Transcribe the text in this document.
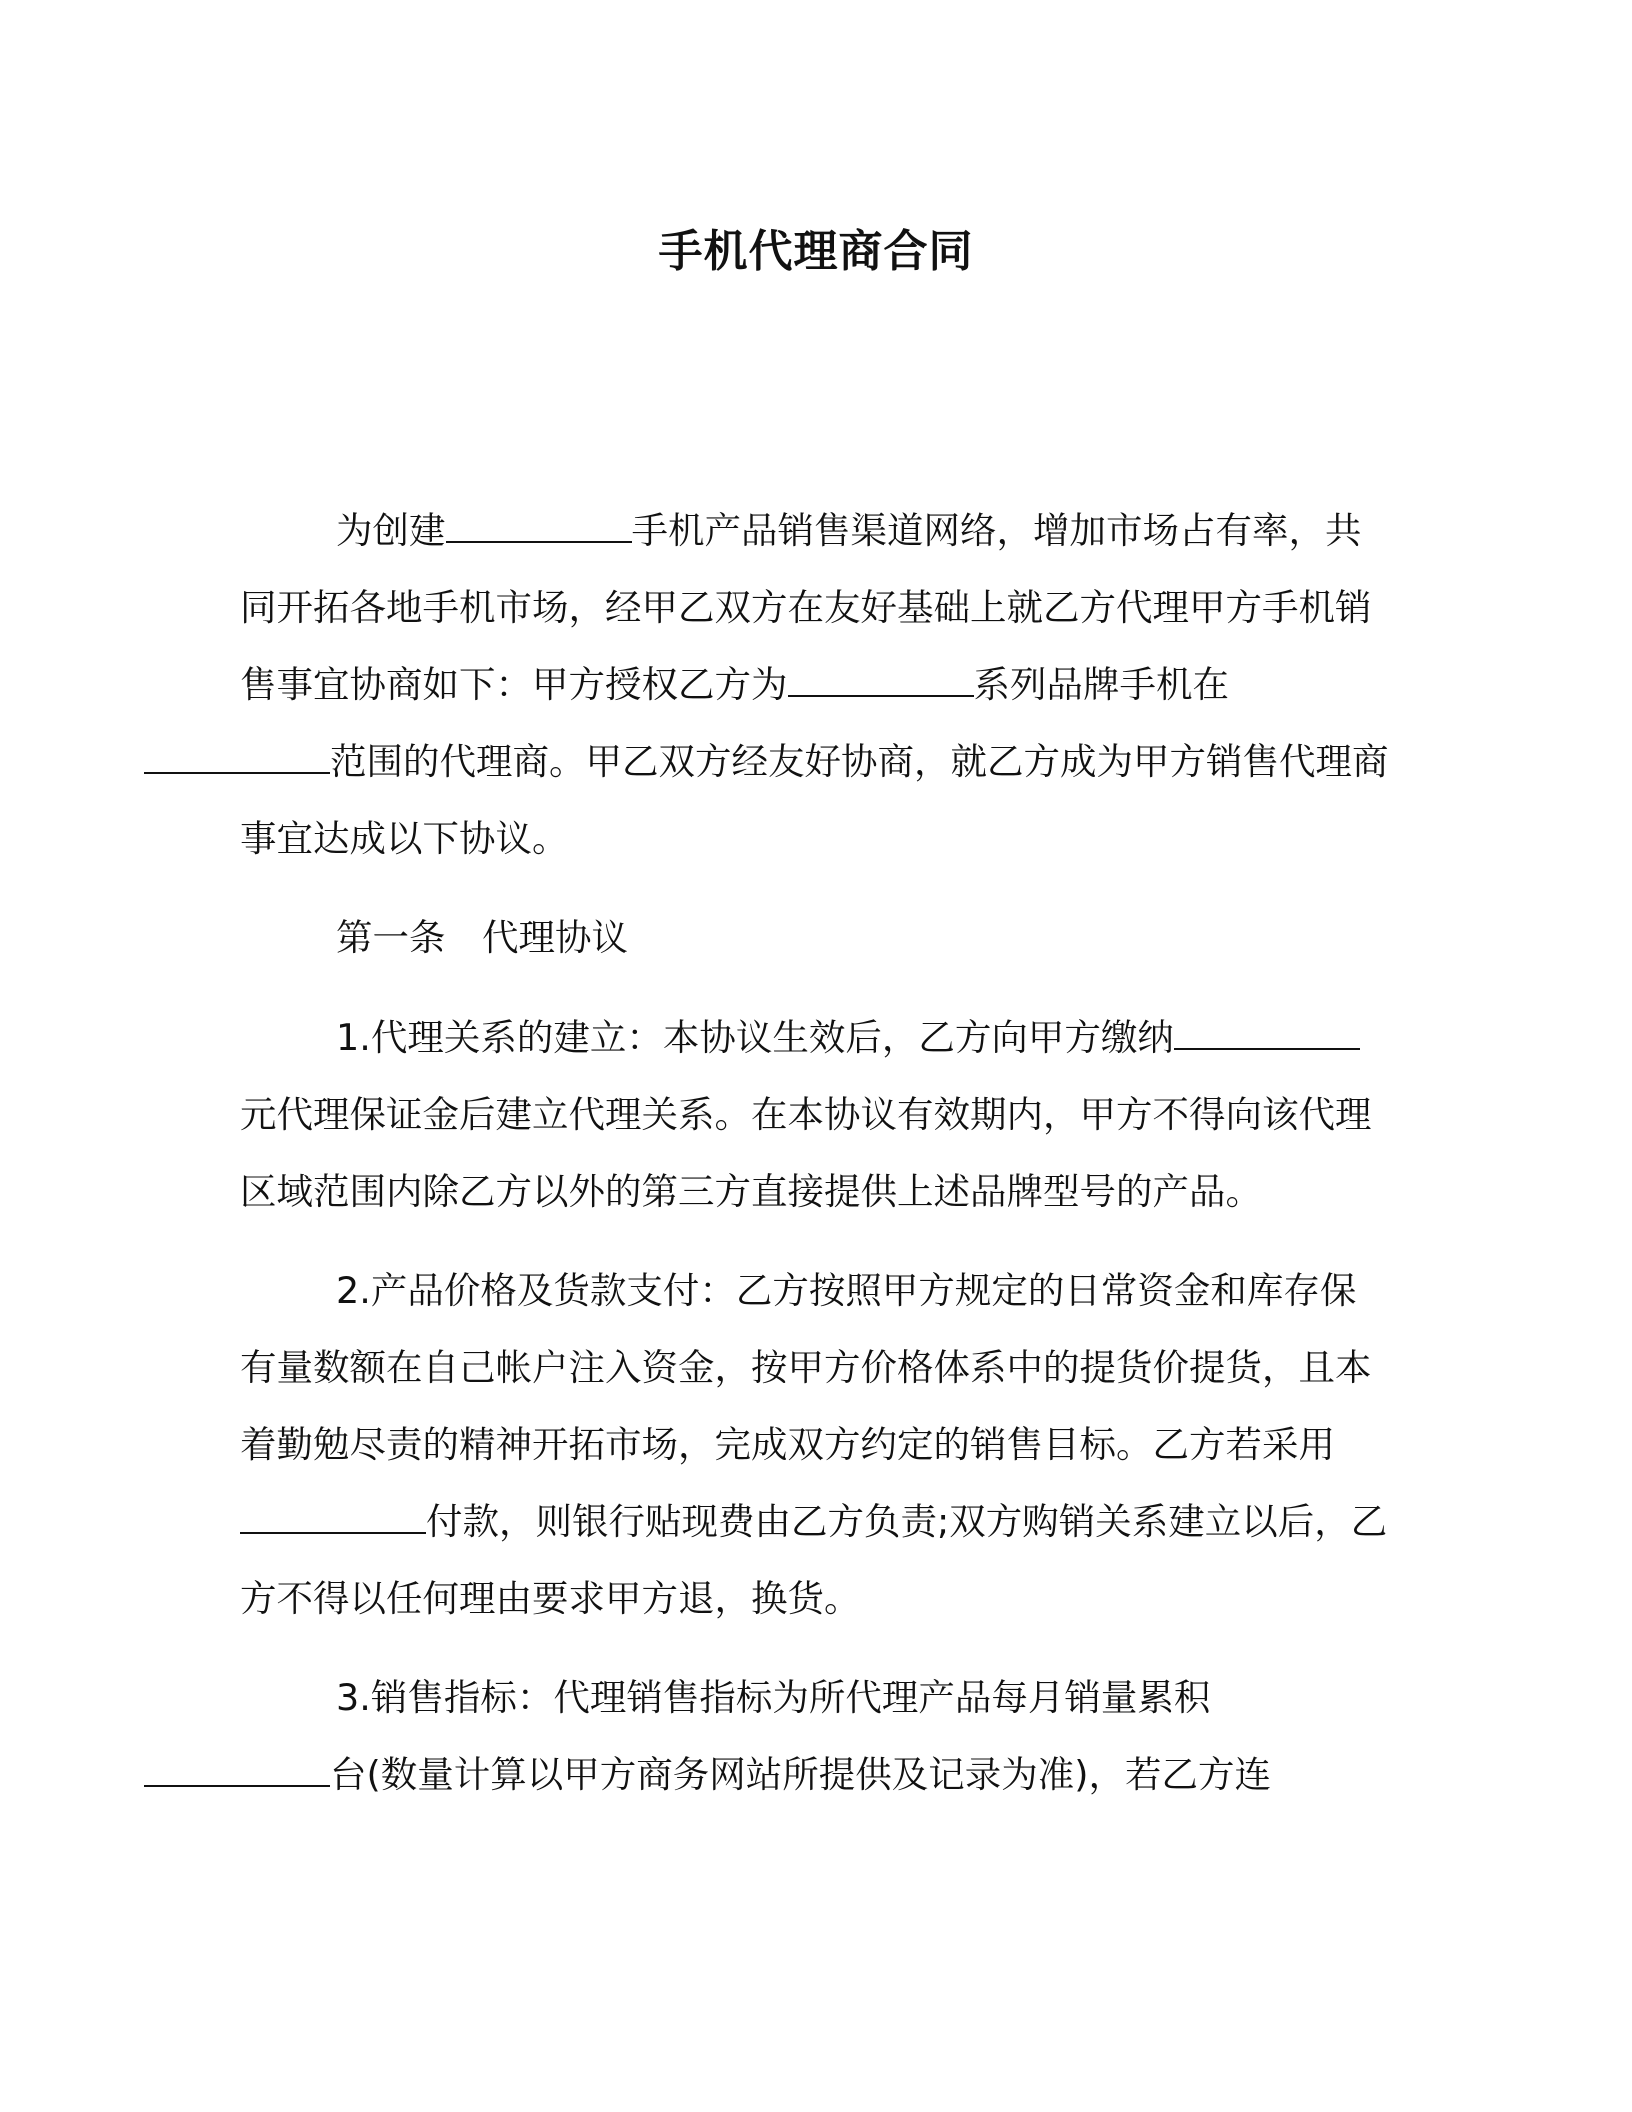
手机代理商合同

为创建	手机产品销售渠道网络，增加市场占有率，共同开拓各地手机市场，经甲乙双方在友好基础上就乙方代理甲方手机销售事宜协商如下：甲方授权乙方为	系列品牌手机在
范围的代理商。甲乙双方经友好协商，就乙方成为甲方销售代理商事宜达成以下协议。

第一条　代理协议

1.代理关系的建立：本协议生效后，乙方向甲方缴纳元代理保证金后建立代理关系。在本协议有效期内，甲方不得向该代理区域范围内除乙方以外的第三方直接提供上述品牌型号的产品。

2.产品价格及货款支付：乙方按照甲方规定的日常资金和库存保有量数额在自己帐户注入资金，按甲方价格体系中的提货价提货，且本着勤勉尽责的精神开拓市场，完成双方约定的销售目标。乙方若采用付款，则银行贴现费由乙方负责;双方购销关系建立以后，乙方不得以任何理由要求甲方退，换货。

3.销售指标：代理销售指标为所代理产品每月销量累积
台(数量计算以甲方商务网站所提供及记录为准)，若乙方连
